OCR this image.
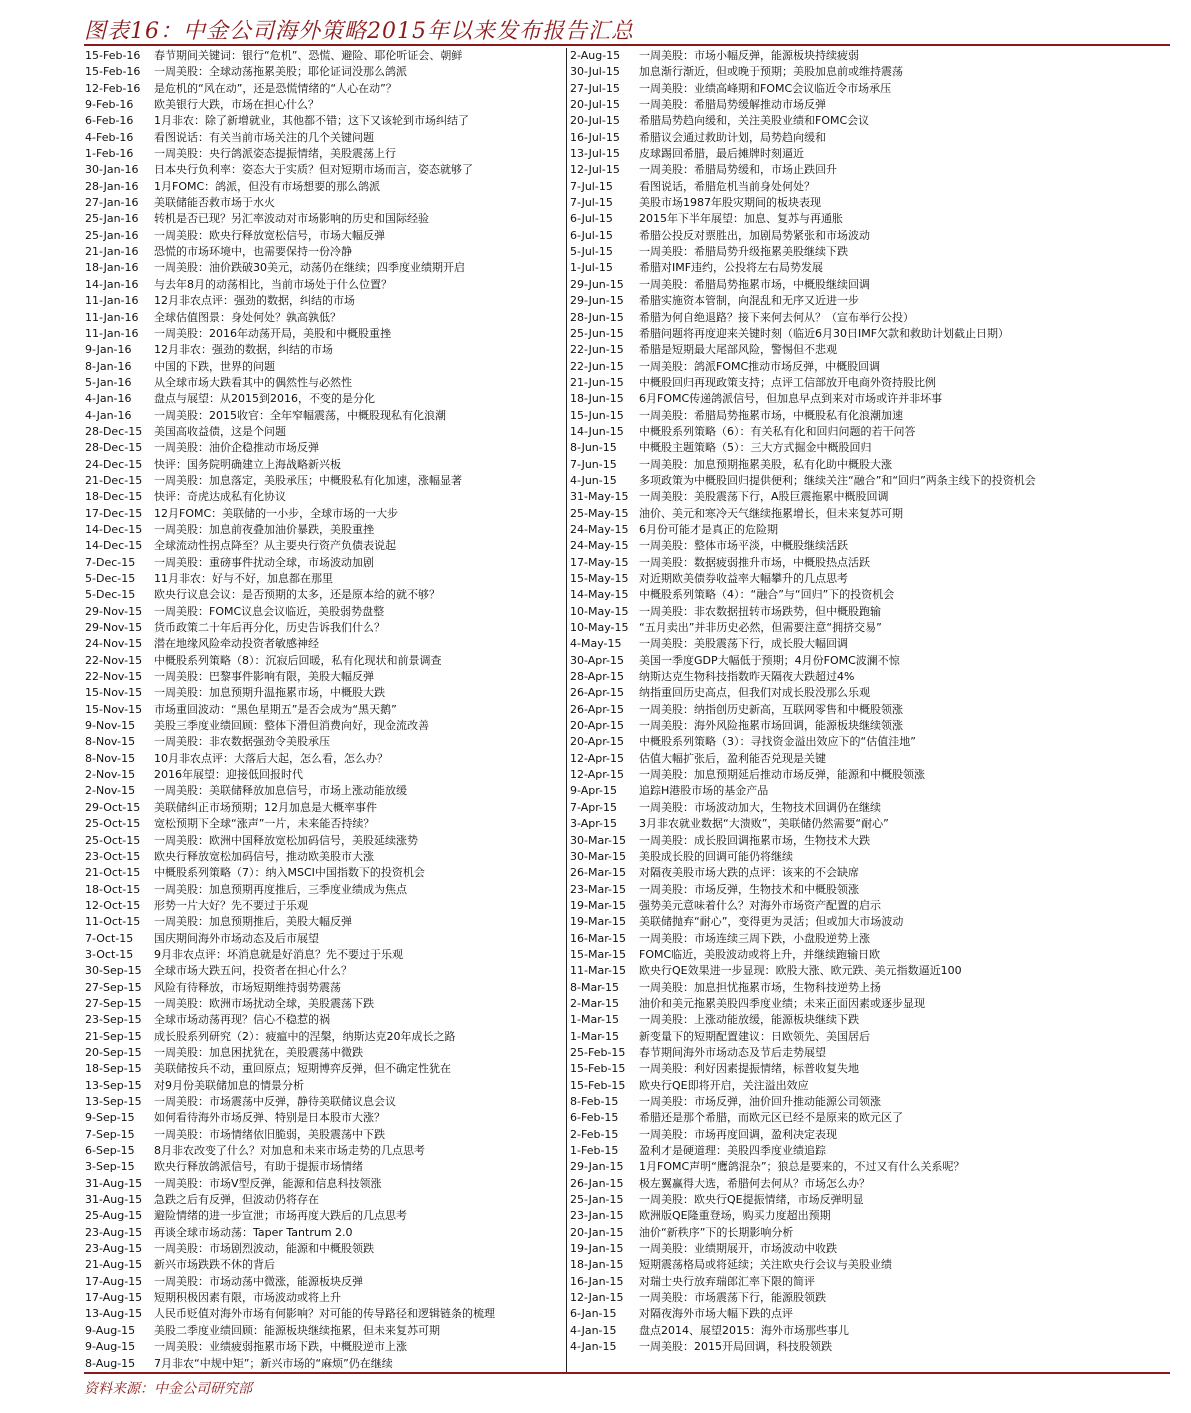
图表16：中金公司海外策略2015年以来发布报告汇总
15-Feb-16	春节期间关键词：银行“危机”、恐慌、避险、耶伦听证会、朝鲜
15-Feb-16	一周美股：全球动荡拖累美股；耶伦证词没那么鸽派
12-Feb-16	是危机的“风在动”，还是恐慌情绪的“人心在动”？
9-Feb-16	欧美银行大跌，市场在担心什么？
6-Feb-16	1月非农：除了新增就业，其他都不错；这下又该轮到市场纠结了
4-Feb-16	看图说话：有关当前市场关注的几个关键问题
1-Feb-16	一周美股：央行鸽派姿态提振情绪，美股震荡上行
30-Jan-16	日本央行负利率：姿态大于实质？但对短期市场而言，姿态就够了
28-Jan-16	1月FOMC：鸽派，但没有市场想要的那么鸽派
27-Jan-16	美联储能否救市场于水火
25-Jan-16	转机是否已现？另汇率波动对市场影响的历史和国际经验
25-Jan-16	一周美股：欧央行释放宽松信号，市场大幅反弹
21-Jan-16	恐慌的市场环境中，也需要保持一份冷静
18-Jan-16	一周美股：油价跌破30美元，动荡仍在继续；四季度业绩期开启
14-Jan-16	与去年8月的动荡相比，当前市场处于什么位置？
11-Jan-16	12月非农点评：强劲的数据，纠结的市场
11-Jan-16	全球估值图景：身处何处？孰高孰低？
11-Jan-16	一周美股：2016年动荡开局，美股和中概股重挫
9-Jan-16	12月非农：强劲的数据，纠结的市场
8-Jan-16	中国的下跌，世界的问题
5-Jan-16	从全球市场大跌看其中的偶然性与必然性
4-Jan-16	盘点与展望：从2015到2016，不变的是分化
4-Jan-16	一周美股：2015收官：全年窄幅震荡，中概股现私有化浪潮
28-Dec-15	美国高收益债，这是个问题
28-Dec-15	一周美股：油价企稳推动市场反弹
24-Dec-15	快评：国务院明确建立上海战略新兴板
21-Dec-15	一周美股：加息落定，美股承压；中概股私有化加速，涨幅显著
18-Dec-15	快评：奇虎达成私有化协议
17-Dec-15	12月FOMC：美联储的一小步，全球市场的一大步
14-Dec-15	一周美股：加息前夜叠加油价暴跌，美股重挫
14-Dec-15	全球流动性拐点降至？从主要央行资产负债表说起
7-Dec-15	一周美股：重磅事件扰动全球，市场波动加剧
5-Dec-15	11月非农：好与不好，加息都在那里
5-Dec-15	欧央行议息会议：是否预期的太多，还是原本给的就不够？
29-Nov-15	一周美股：FOMC议息会议临近，美股弱势盘整
29-Nov-15	货币政策二十年后再分化，历史告诉我们什么？
24-Nov-15	潜在地缘风险牵动投资者敏感神经
22-Nov-15	中概股系列策略（8）：沉寂后回暖，私有化现状和前景调查
22-Nov-15	一周美股：巴黎事件影响有限，美股大幅反弹
15-Nov-15	一周美股：加息预期升温拖累市场，中概股大跌
15-Nov-15	市场重回波动：“黑色星期五”是否会成为“黑天鹅”
9-Nov-15	美股三季度业绩回顾：整体下滑但消费向好，现金流改善
8-Nov-15	一周美股：非农数据强劲令美股承压
8-Nov-15	10月非农点评：大落后大起，怎么看，怎么办？
2-Nov-15	2016年展望：迎接低回报时代
2-Nov-15	一周美股：美联储释放加息信号，市场上涨动能放缓
29-Oct-15	美联储纠正市场预期；12月加息是大概率事件
25-Oct-15	宽松预期下全球“涨声”一片，未来能否持续？
25-Oct-15	一周美股：欧洲中国释放宽松加码信号，美股延续涨势
23-Oct-15	欧央行释放宽松加码信号，推动欧美股市大涨
21-Oct-15	中概股系列策略（7）：纳入MSCI中国指数下的投资机会
18-Oct-15	一周美股：加息预期再度推后，三季度业绩成为焦点
12-Oct-15	形势一片大好？先不要过于乐观
11-Oct-15	一周美股：加息预期推后，美股大幅反弹
7-Oct-15	国庆期间海外市场动态及后市展望
3-Oct-15	9月非农点评：坏消息就是好消息？先不要过于乐观
30-Sep-15	全球市场大跌五问，投资者在担心什么？
27-Sep-15	风险有待释放，市场短期维持弱势震荡
27-Sep-15	一周美股：欧洲市场扰动全球，美股震荡下跌
23-Sep-15	全球市场动荡再现？信心不稳惹的祸
21-Sep-15	成长股系列研究（2）：疲瘟中的涅槃，纳斯达克20年成长之路
20-Sep-15	一周美股：加息困扰犹在，美股震荡中微跌
18-Sep-15	美联储按兵不动，重回原点；短期博弈反弹，但不确定性犹在
13-Sep-15	对9月份美联储加息的情景分析
13-Sep-15	一周美股：市场震荡中反弹，静待美联储议息会议
9-Sep-15	如何看待海外市场反弹、特别是日本股市大涨？
7-Sep-15	一周美股：市场情绪依旧脆弱，美股震荡中下跌
6-Sep-15	8月非农改变了什么？对加息和未来市场走势的几点思考
3-Sep-15	欧央行释放鸽派信号，有助于提振市场情绪
31-Aug-15	一周美股：市场V型反弹，能源和信息科技领涨
31-Aug-15	急跌之后有反弹，但波动仍将存在
25-Aug-15	避险情绪的进一步宣泄；市场再度大跌后的几点思考
23-Aug-15	再谈全球市场动荡：Taper Tantrum 2.0
23-Aug-15	一周美股：市场剧烈波动，能源和中概股领跌
21-Aug-15	新兴市场跌跌不休的背后
17-Aug-15	一周美股：市场动荡中微涨，能源板块反弹
17-Aug-15	短期积极因素有限，市场波动或将上升
13-Aug-15	人民币贬值对海外市场有何影响？对可能的传导路径和逻辑链条的梳理
9-Aug-15	美股二季度业绩回顾：能源板块继续拖累，但未来复苏可期
9-Aug-15	一周美股：业绩疲弱拖累市场下跌，中概股逆市上涨
8-Aug-15	7月非农“中规中矩”；新兴市场的“麻烦”仍在继续
2-Aug-15	一周美股：市场小幅反弹，能源板块持续疲弱
30-Jul-15	加息渐行渐近，但或晚于预期；美股加息前或维持震荡
27-Jul-15	一周美股：业绩高峰期和FOMC会议临近令市场承压
20-Jul-15	一周美股：希腊局势缓解推动市场反弹
20-Jul-15	希腊局势趋向缓和，关注美股业绩和FOMC会议
16-Jul-15	希腊议会通过救助计划，局势趋向缓和
13-Jul-15	皮球踢回希腊，最后摊牌时刻逼近
12-Jul-15	一周美股：希腊局势缓和，市场止跌回升
7-Jul-15	看图说话，希腊危机当前身处何处？
7-Jul-15	美股市场1987年股灾期间的板块表现
6-Jul-15	2015年下半年展望：加息、复苏与再通胀
6-Jul-15	希腊公投反对票胜出，加剧局势紧张和市场波动
5-Jul-15	一周美股：希腊局势升级拖累美股继续下跌
1-Jul-15	希腊对IMF违约，公投将左右局势发展
29-Jun-15	一周美股：希腊局势拖累市场，中概股继续回调
29-Jun-15	希腊实施资本管制，向混乱和无序又近进一步
28-Jun-15	希腊为何自绝退路？接下来何去何从？（宣布举行公投）
25-Jun-15	希腊问题将再度迎来关键时刻（临近6月30日IMF欠款和救助计划截止日期）
22-Jun-15	希腊是短期最大尾部风险，警惕但不悲观
22-Jun-15	一周美股：鸽派FOMC推动市场反弹，中概股回调
21-Jun-15	中概股回归再现政策支持；点评工信部放开电商外资持股比例
18-Jun-15	6月FOMC传递鸽派信号，但加息早点到来对市场或许并非坏事
15-Jun-15	一周美股：希腊局势拖累市场，中概股私有化浪潮加速
14-Jun-15	中概股系列策略（6）：有关私有化和回归问题的若干问答
8-Jun-15	中概股主题策略（5）：三大方式掘金中概股回归
7-Jun-15	一周美股：加息预期拖累美股，私有化助中概股大涨
4-Jun-15	多项政策为中概股回归提供便利；继续关注“融合”和“回归”两条主线下的投资机会
31-May-15 一周美股：美股震荡下行，A股巨震拖累中概股回调
25-May-15 油价、美元和寒冷天气继续拖累增长，但未来复苏可期
24-May-15 6月份可能才是真正的危险期
24-May-15 一周美股：整体市场平淡，中概股继续活跃
17-May-15 一周美股：数据疲弱推升市场，中概股热点活跃
15-May-15 对近期欧美债券收益率大幅攀升的几点思考
14-May-15 中概股系列策略（4）：“融合”与“回归”下的投资机会
10-May-15 一周美股：非农数据扭转市场跌势，但中概股跑输
10-May-15 “五月卖出”并非历史必然，但需要注意“拥挤交易”
4-May-15	一周美股：美股震荡下行，成长股大幅回调
30-Apr-15	美国一季度GDP大幅低于预期；4月份FOMC波澜不惊
28-Apr-15	纳斯达克生物科技指数昨天隔夜大跌超过4%
26-Apr-15	纳指重回历史高点，但我们对成长股没那么乐观
26-Apr-15	一周美股：纳指创历史新高，互联网零售和中概股领涨
20-Apr-15	一周美股：海外风险拖累市场回调，能源板块继续领涨
20-Apr-15	中概股系列策略（3）：寻找资金溢出效应下的“估值洼地”
12-Apr-15	估值大幅扩张后，盈利能否兑现是关键
12-Apr-15	一周美股：加息预期延后推动市场反弹，能源和中概股领涨
9-Apr-15	追踪H港股市场的基金产品
7-Apr-15	一周美股：市场波动加大，生物技术回调仍在继续
3-Apr-15	3月非农就业数据“大溃败”，美联储仍然需要“耐心”
30-Mar-15	一周美股：成长股回调拖累市场，生物技术大跌
30-Mar-15	美股成长股的回调可能仍将继续
26-Mar-15	对隔夜美股市场大跌的点评：该来的不会缺席
23-Mar-15	一周美股：市场反弹，生物技术和中概股领涨
19-Mar-15	强势美元意味着什么？对海外市场资产配置的启示
19-Mar-15	美联储抛弃“耐心”，变得更为灵活；但或加大市场波动
16-Mar-15	一周美股：市场连续三周下跌，小盘股逆势上涨
15-Mar-15	FOMC临近，美股波动或将上升，并继续跑输日欧
11-Mar-15	欧央行QE效果进一步显现：欧股大涨、欧元跌、美元指数逼近100
8-Mar-15	一周美股：加息担忧拖累市场，生物科技逆势上扬
2-Mar-15	油价和美元拖累美股四季度业绩；未来正面因素或逐步显现
1-Mar-15	一周美股：上涨动能放缓，能源板块继续下跌
1-Mar-15	新变量下的短期配置建议：日欧领先、美国居后
25-Feb-15	春节期间海外市场动态及节后走势展望
15-Feb-15	一周美股：利好因素提振情绪，标普收复失地
15-Feb-15	欧央行QE即将开启，关注溢出效应
8-Feb-15	一周美股：市场反弹，油价回升推动能源公司领涨
6-Feb-15	希腊还是那个希腊，而欧元区已经不是原来的欧元区了
2-Feb-15	一周美股：市场再度回调，盈利决定表现
1-Feb-15	盈利才是硬道理：美股四季度业绩追踪
29-Jan-15	1月FOMC声明“鹰鸽混杂”；狼总是要来的，不过又有什么关系呢？
26-Jan-15	极左翼赢得大选，希腊何去何从？市场怎么办？
25-Jan-15	一周美股：欧央行QE提振情绪，市场反弹明显
23-Jan-15	欧洲版QE隆重登场，购买力度超出预期
20-Jan-15	油价“新秩序”下的长期影响分析
19-Jan-15	一周美股：业绩期展开，市场波动中收跌
18-Jan-15	短期震荡格局或将延续；关注欧央行会议与美股业绩
16-Jan-15	对瑞士央行放弃瑞郎汇率下限的简评
12-Jan-15	一周美股：市场震荡下行，能源股领跌
6-Jan-15	对隔夜海外市场大幅下跌的点评
4-Jan-15	盘点2014、展望2015：海外市场那些事儿
4-Jan-15	一周美股：2015开局回调，科技股领跌
资料来源：中金公司研究部
